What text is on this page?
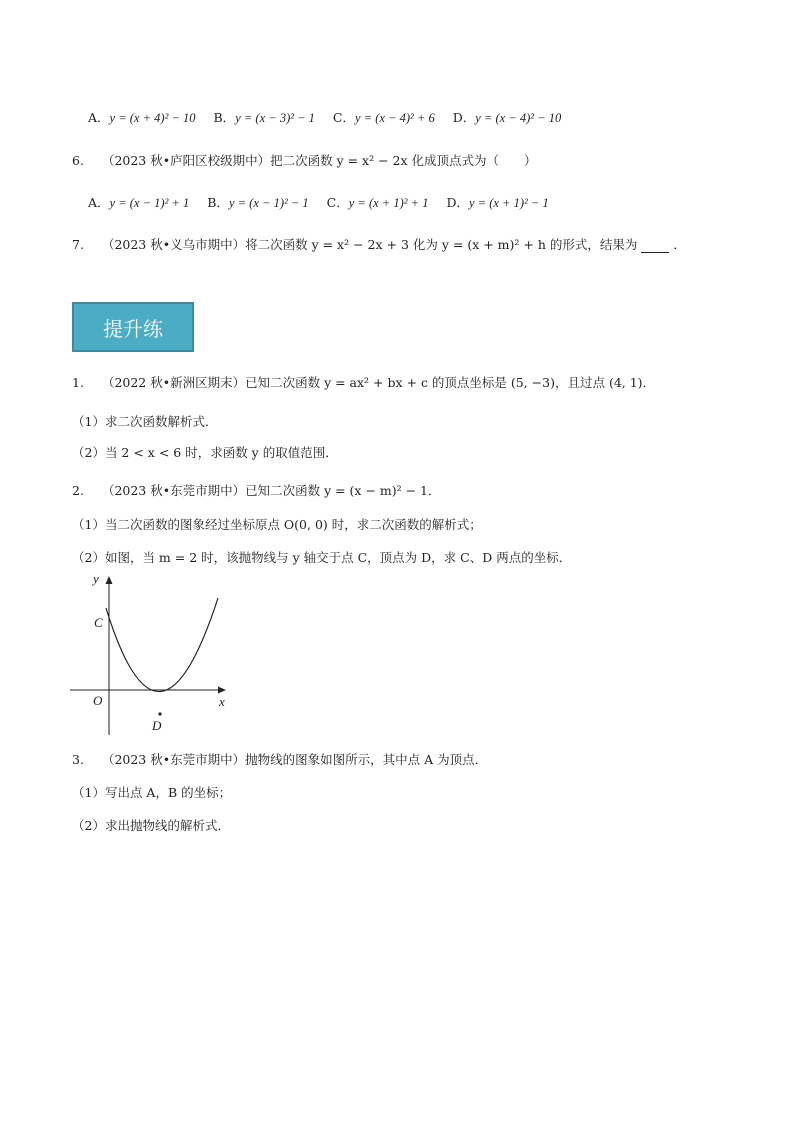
A．y = (x + 4)² − 10 B．y = (x − 3)² − 1 C．y = (x − 4)² + 6 D．y = (x − 4)² − 10
6. （2023 秋•庐阳区校级期中）把二次函数 y = x² − 2x 化成顶点式为（　　）
A．y = (x − 1)² + 1 B．y = (x − 1)² − 1 C．y = (x + 1)² + 1 D．y = (x + 1)² − 1
7. （2023 秋•义乌市期中）将二次函数 y = x² − 2x + 3 化为 y = (x + m)² + h 的形式，结果为	．
提升练
1. （2022 秋•新洲区期末）已知二次函数 y = ax² + bx + c 的顶点坐标是 (5, −3)，且过点 (4, 1)．
（1）求二次函数解析式．
（2）当 2 < x < 6 时，求函数 y 的取值范围．
2. （2023 秋•东莞市期中）已知二次函数 y = (x − m)² − 1．
（1）当二次函数的图象经过坐标原点 O(0, 0) 时，求二次函数的解析式；
（2）如图，当 m = 2 时，该抛物线与 y 轴交于点 C，顶点为 D，求 C、D 两点的坐标．
y
x
C
O
D
3. （2023 秋•东莞市期中）抛物线的图象如图所示，其中点 A 为顶点．
（1）写出点 A，B 的坐标；
（2）求出抛物线的解析式．
